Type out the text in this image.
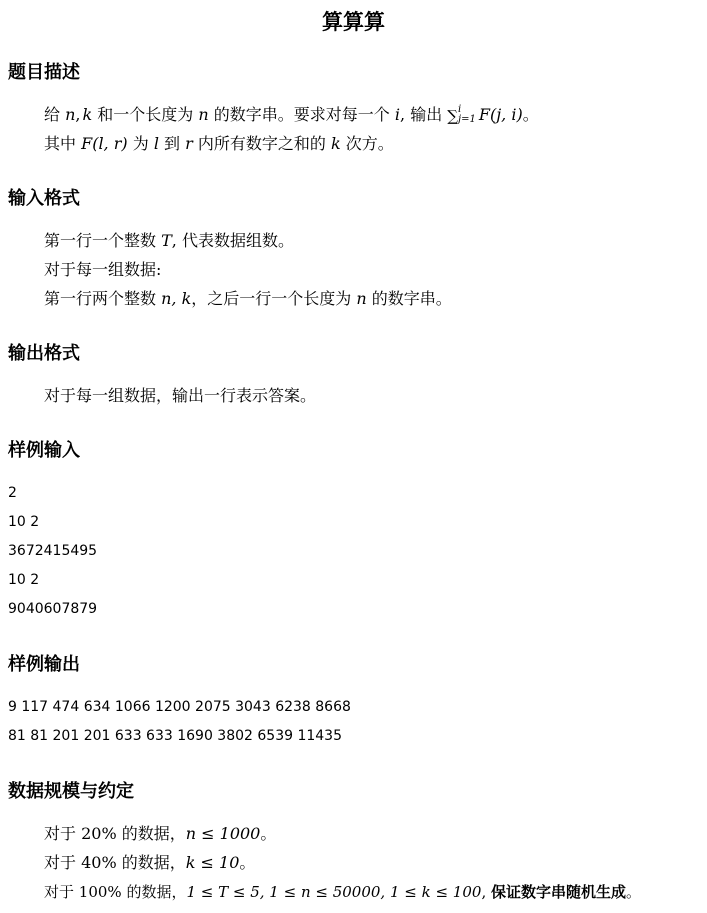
算算算
题目描述
给 n, k 和一个长度为 n 的数字串。要求对每一个 i, 输出 ∑ i
j=1 F(j, i)。
其中 F(l, r) 为 l 到 r 内所有数字之和的 k 次方。
输入格式
第一行一个整数 T, 代表数据组数。
对于每一组数据:
第一行两个整数 n, k，之后一行一个长度为 n 的数字串。
输出格式
对于每一组数据，输出一行表示答案。
样例输入
2
10 2
3672415495
10 2
9040607879
样例输出
9 117 474 634 1066 1200 2075 3043 6238 8668
81 81 201 201 633 633 1690 3802 6539 11435
数据规模与约定
对于 20% 的数据，n ≤ 1000。
对于 40% 的数据，k ≤ 10。
对于 100% 的数据，1 ≤ T ≤ 5, 1 ≤ n ≤ 50000, 1 ≤ k ≤ 100, 保证数字串随机生成。
